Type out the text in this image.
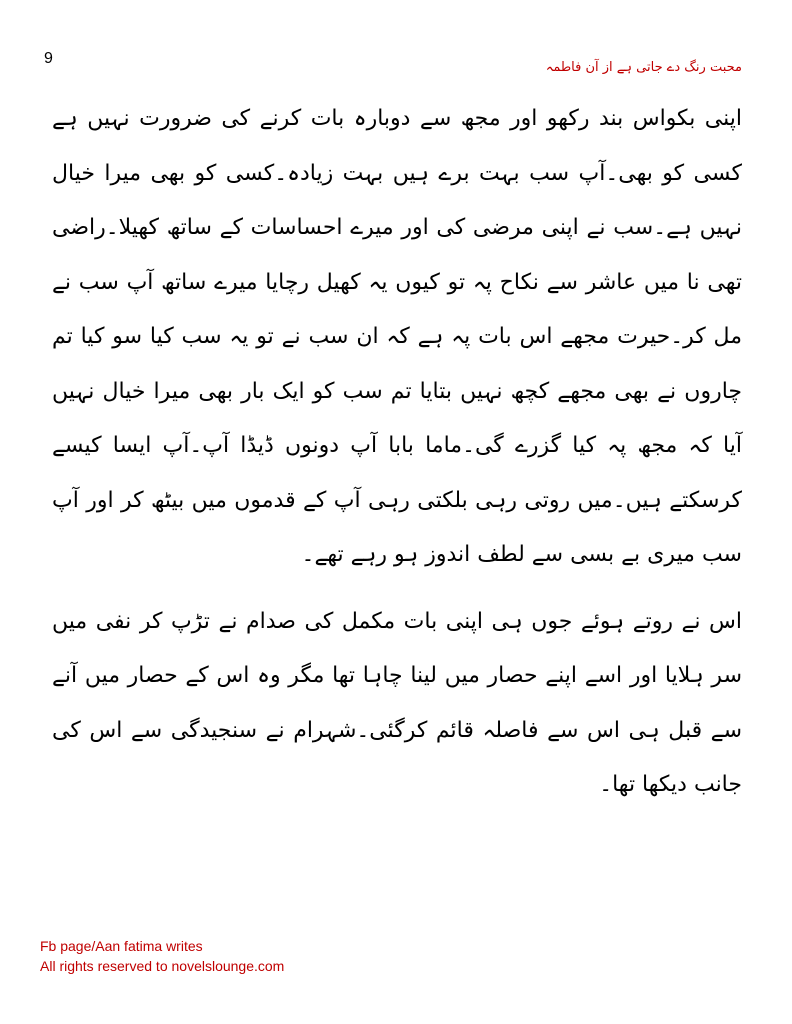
9
محبت رنگ دے جاتی ہے از آن فاطمہ

اپنی بکواس بند رکھو اور مجھ سے دوبارہ بات کرنے کی ضرورت نہیں ہے کسی کو بھی۔آپ سب بہت برے ہیں بہت زیادہ۔کسی کو بھی میرا خیال نہیں ہے۔سب نے اپنی مرضی کی اور میرے احساسات کے ساتھ کھیلا۔راضی تھی نا میں عاشر سے نکاح پہ تو کیوں یہ کھیل رچایا میرے ساتھ آپ سب نے مل کر۔حیرت مجھے اس بات پہ ہے کہ ان سب نے تو یہ سب کیا سو کیا تم چاروں نے بھی مجھے کچھ نہیں بتایا تم سب کو ایک بار بھی میرا خیال نہیں آیا کہ مجھ پہ کیا گزرے گی۔ماما بابا آپ دونوں ڈیڈا آپ۔آپ ایسا کیسے کرسکتے ہیں۔میں روتی رہی بلکتی رہی آپ کے قدموں میں بیٹھ کر اور آپ سب میری بے بسی سے لطف اندوز ہو رہے تھے۔

اس نے روتے ہوئے جوں ہی اپنی بات مکمل کی صدام نے تڑپ کر نفی میں سر ہلایا اور اسے اپنے حصار میں لینا چاہا تھا مگر وہ اس کے حصار میں آنے سے قبل ہی اس سے فاصلہ قائم کرگئی۔شہرام نے سنجیدگی سے اس کی جانب دیکھا تھا۔

Fb page/Aan fatima writes
All rights reserved to novelslounge.com
